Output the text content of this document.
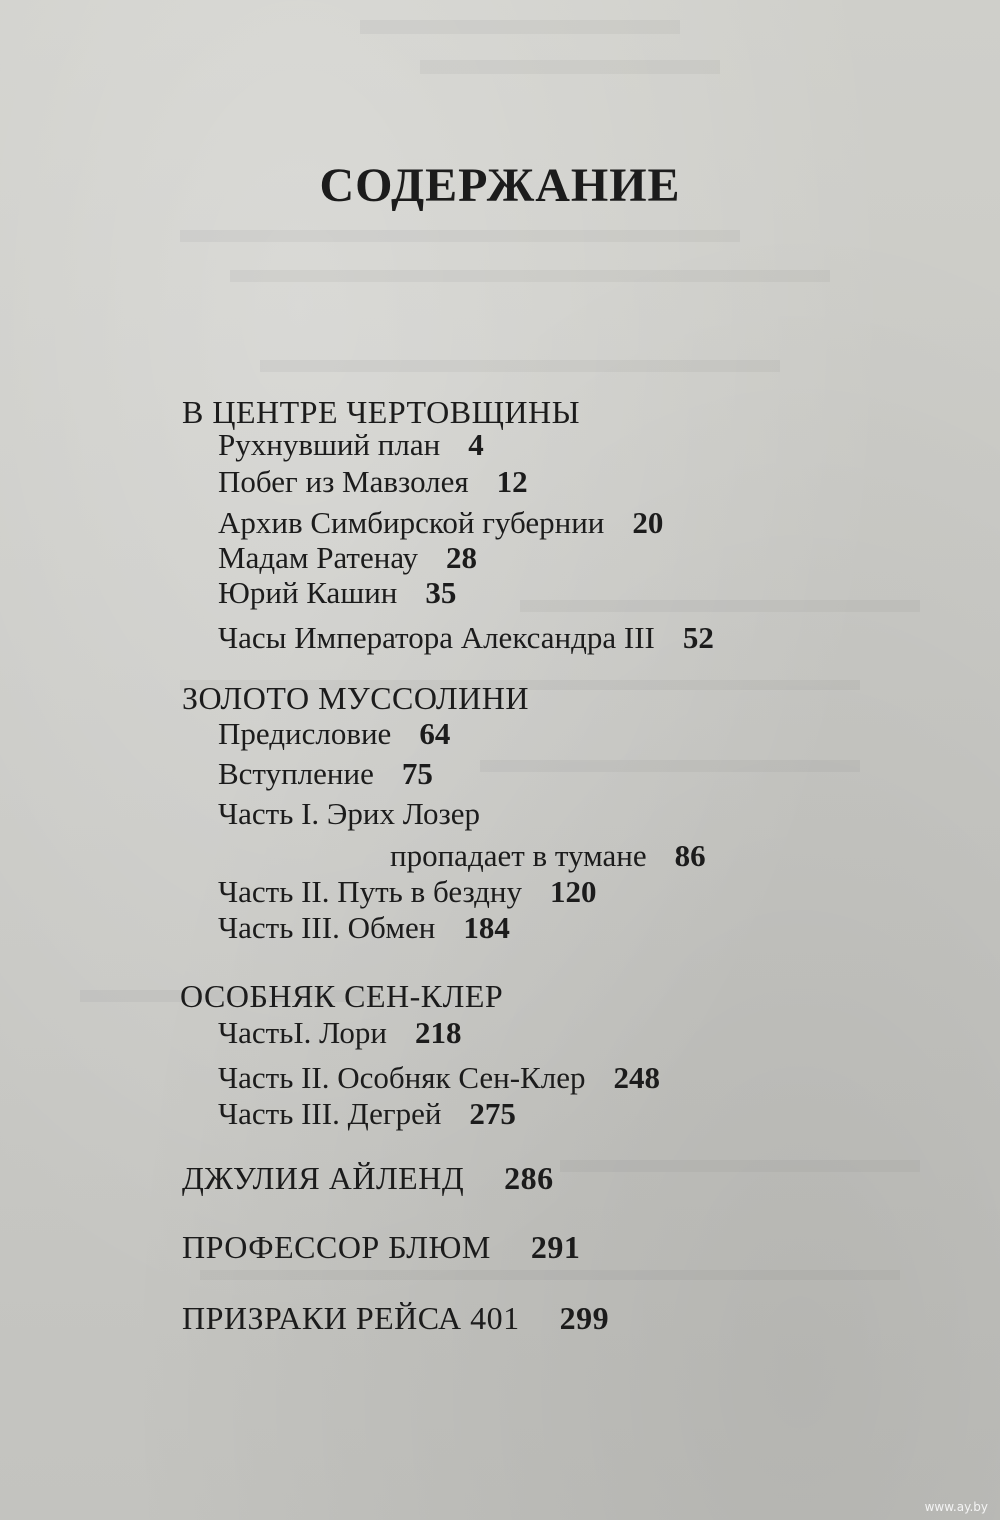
СОДЕРЖАНИЕ
В ЦЕНТРЕ ЧЕРТОВЩИНЫ
Рухнувший план 4
Побег из Мавзолея 12
Архив Симбирской губернии 20
Мадам Ратенау 28
Юрий Кашин 35
Часы Императора Александра III 52
ЗОЛОТО МУССОЛИНИ
Предисловие 64
Вступление 75
Часть I. Эрих Лозер
пропадает в тумане 86
Часть II. Путь в бездну 120
Часть III. Обмен 184
ОСОБНЯК СЕН-КЛЕР
ЧастьI. Лори 218
Часть II. Особняк Сен-Клер 248
Часть III. Дегрей 275
ДЖУЛИЯ АЙЛЕНД 286
ПРОФЕССОР БЛЮМ 291
ПРИЗРАКИ РЕЙСА 401 299
www.ay.by
